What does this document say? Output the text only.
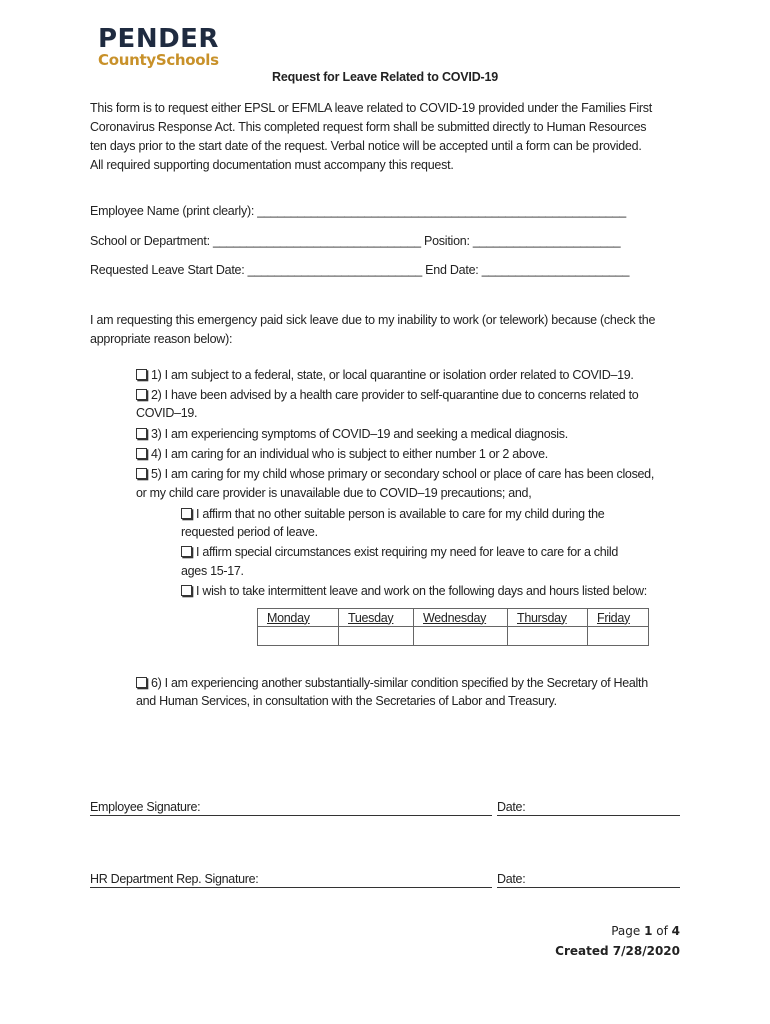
PENDER
CountySchools
Request for Leave Related to COVID-19
This form is to request either EPSL or EFMLA leave related to COVID-19 provided under the Families First
Coronavirus Response Act. This completed request form shall be submitted directly to Human Resources
ten days prior to the start date of the request. Verbal notice will be accepted until a form can be provided.
All required supporting documentation must accompany this request.
Employee Name (print clearly): _______________________________________________________
School or Department: _______________________________ Position: ______________________
Requested Leave Start Date: __________________________ End Date: ______________________
I am requesting this emergency paid sick leave due to my inability to work (or telework) because (check the
appropriate reason below):
1) I am subject to a federal, state, or local quarantine or isolation order related to COVID–19.
2) I have been advised by a health care provider to self-quarantine due to concerns related to
COVID–19.
3) I am experiencing symptoms of COVID–19 and seeking a medical diagnosis.
4) I am caring for an individual who is subject to either number 1 or 2 above.
5) I am caring for my child whose primary or secondary school or place of care has been closed,
or my child care provider is unavailable due to COVID–19 precautions; and,
I affirm that no other suitable person is available to care for my child during the
requested period of leave.
I affirm special circumstances exist requiring my need for leave to care for a child
ages 15-17.
I wish to take intermittent leave and work on the following days and hours listed below:
Monday	Tuesday	Wednesday	Thursday	Friday

6) I am experiencing another substantially-similar condition specified by the Secretary of Health
and Human Services, in consultation with the Secretaries of Labor and Treasury.
Employee Signature:	Date:
HR Department Rep. Signature:	Date:
Page 1 of 4
Created 7/28/2020
